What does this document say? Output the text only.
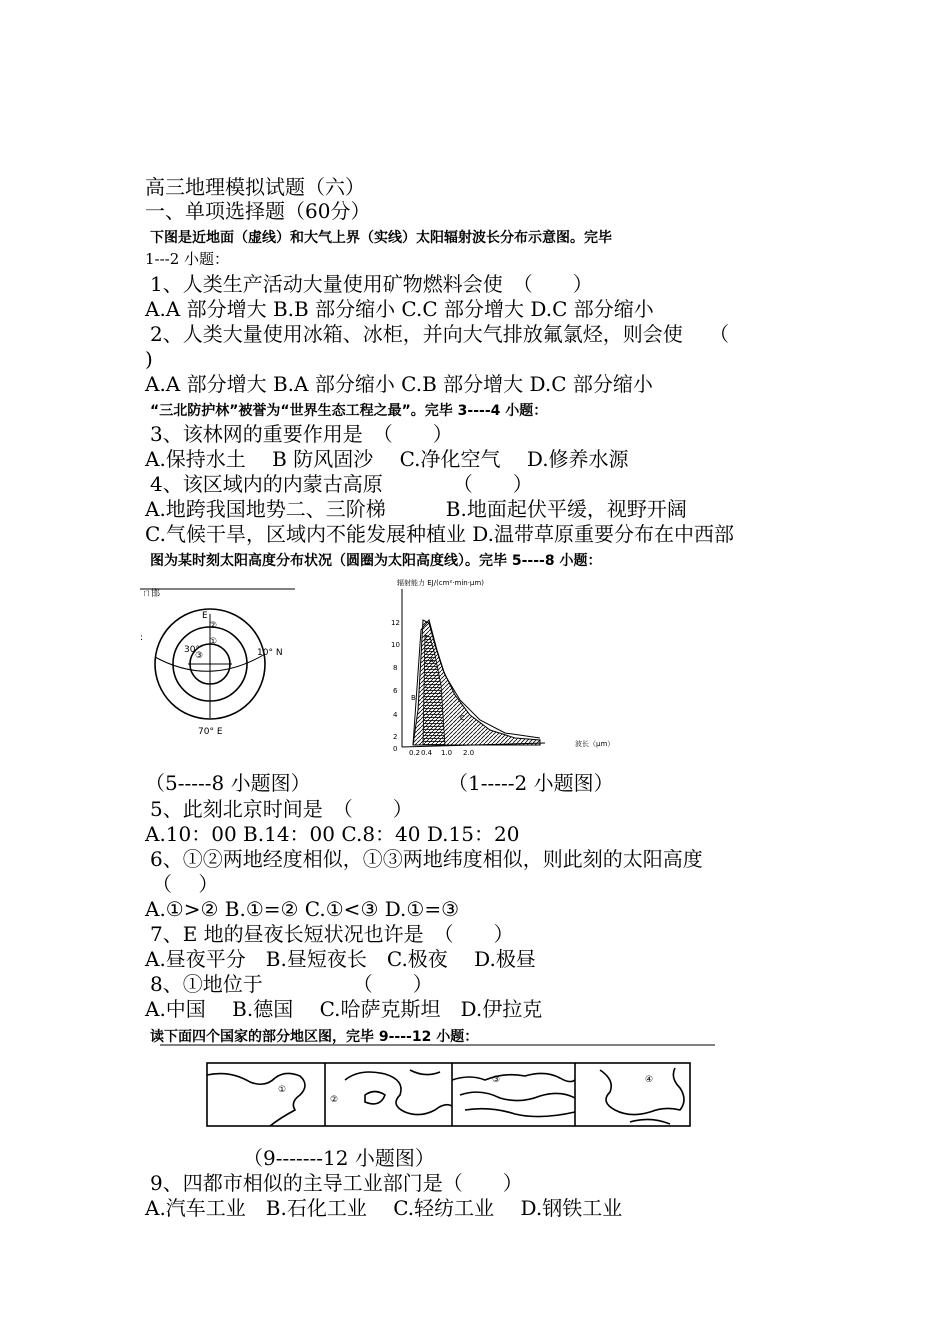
高三地理模拟试题（六）
一、单项选择题（60分）
下图是近地面（虚线）和大气上界（实线）太阳辐射波长分布示意图。完毕
1---2 小题：
1、人类生产活动大量使用矿物燃料会使　（　　）
A.A 部分增大 B.B 部分缩小 C.C 部分增大 D.C 部分缩小
2、人类大量使用冰箱、冰柜，并向大气排放氟氯烃，则会使　 （
)
A.A 部分增大 B.A 部分缩小 C.B 部分增大 D.C 部分缩小
“三北防护林”被誉为“世界生态工程之最”。完毕 3----4 小题：
3、该林网的重要作用是　（　　）
A.保持水土　 B 防风固沙　 C.净化空气　 D.修养水源
4、该区域内的内蒙古高原　　　　（　　）
A.地跨我国地势二、三阶梯　　　B.地面起伏平缓，视野开阔
C.气候干旱，区域内不能发展种植业 D.温带草原重要分布在中西部
图为某时刻太阳高度分布状况（圆圈为太阳高度线）。完毕 5----8 小题：
ㄇ邯
E
②
①
30°
③	10° N
70° E
:
辐射能力 EJ/(cm²·min·μm)
12
10
8
6
4
2
0
A
B
C
0.2 0.4 1.0 2.0
波长（μm）
（5-----8 小题图）	（1-----2 小题图）
5、此刻北京时间是　（　　）
A.10：00 B.14：00 C.8：40 D.15：20
6、①②两地经度相似，①③两地纬度相似，则此刻的太阳高度
（　 ）
A.①>② B.①=② C.①<③ D.①=③
7、E 地的昼夜长短状况也许是　（　　）
A.昼夜平分　B.昼短夜长　C.极夜　 D.极昼
8、①地位于　　　　　（　　）
A.中国　 B.德国　 C.哈萨克斯坦　D.伊拉克
读下面四个国家的部分地区图，完毕 9----12 小题：
①
②
③	④
（9-------12 小题图）
9、四都市相似的主导工业部门是（　　）
A.汽车工业　B.石化工业　 C.轻纺工业　 D.钢铁工业
